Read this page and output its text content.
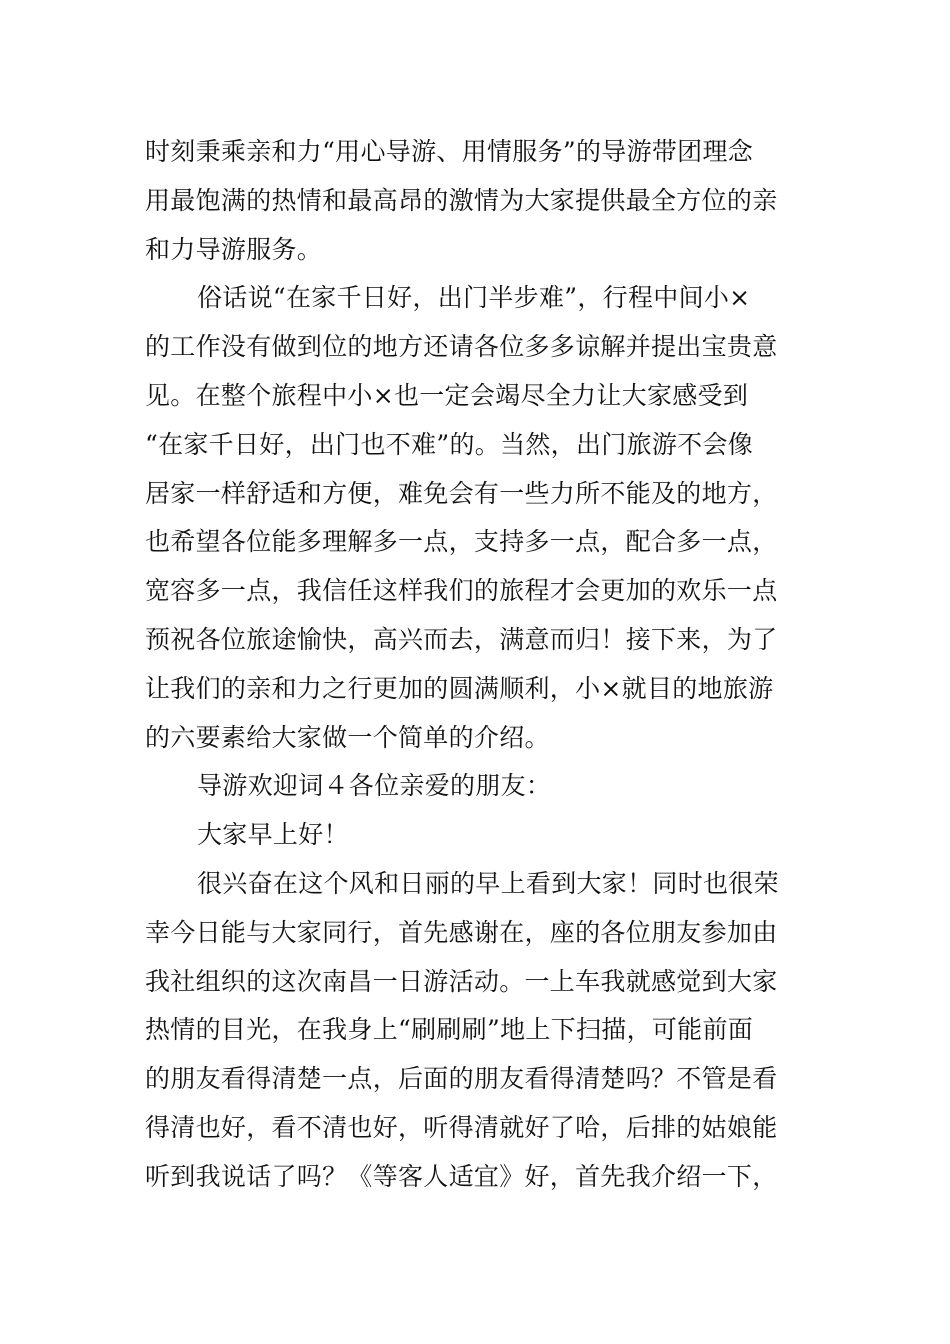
时刻秉乘亲和力“用心导游、用情服务”的导游带团理念
用最饱满的热情和最高昂的激情为大家提供最全方位的亲
和力导游服务。

俗话说“在家千日好，出门半步难”，行程中间小×
的工作没有做到位的地方还请各位多多谅解并提出宝贵意
见。在整个旅程中小×也一定会竭尽全力让大家感受到
“在家千日好，出门也不难”的。当然，出门旅游不会像
居家一样舒适和方便，难免会有一些力所不能及的地方，
也希望各位能多理解多一点，支持多一点，配合多一点，
宽容多一点，我信任这样我们的旅程才会更加的欢乐一点
预祝各位旅途愉快，高兴而去，满意而归！接下来，为了
让我们的亲和力之行更加的圆满顺利，小×就目的地旅游
的六要素给大家做一个简单的介绍。

导游欢迎词４各位亲爱的朋友：

大家早上好！

很兴奋在这个风和日丽的早上看到大家！同时也很荣
幸今日能与大家同行，首先感谢在，座的各位朋友参加由
我社组织的这次南昌一日游活动。一上车我就感觉到大家
热情的目光，在我身上“刷刷刷”地上下扫描，可能前面
的朋友看得清楚一点，后面的朋友看得清楚吗？不管是看
得清也好，看不清也好，听得清就好了哈，后排的姑娘能
听到我说话了吗？《等客人适宜》好，首先我介绍一下，
